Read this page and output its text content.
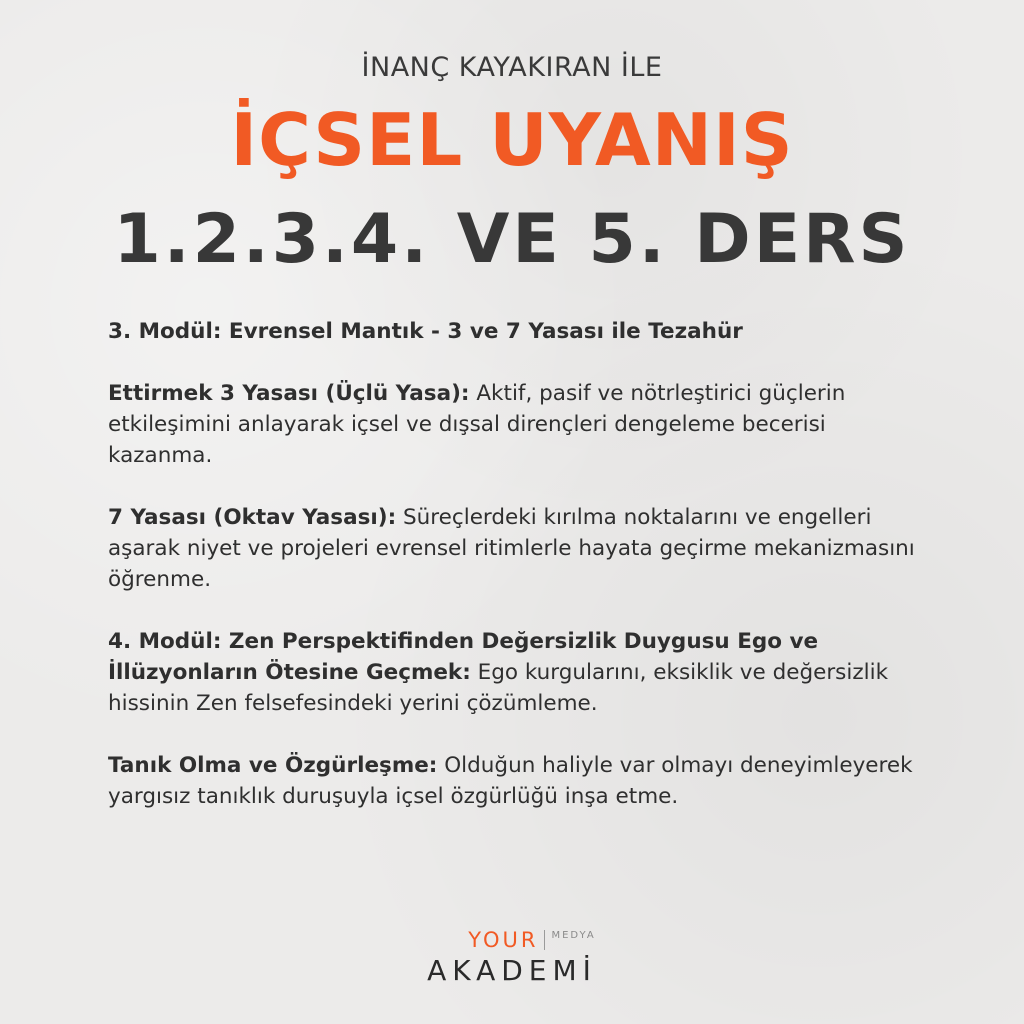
İNANÇ KAYAKIRAN İLE
İÇSEL UYANIŞ
1.2.3.4. VE 5. DERS

3. Modül: Evrensel Mantık - 3 ve 7 Yasası ile Tezahür

Ettirmek 3 Yasası (Üçlü Yasa): Aktif, pasif ve nötrleştirici güçlerin etkileşimini anlayarak içsel ve dışsal dirençleri dengeleme becerisi kazanma.

7 Yasası (Oktav Yasası): Süreçlerdeki kırılma noktalarını ve engelleri aşarak niyet ve projeleri evrensel ritimlerle hayata geçirme mekanizmasını öğrenme.

4. Modül: Zen Perspektifinden Değersizlik Duygusu Ego ve İllüzyonların Ötesine Geçmek: Ego kurgularını, eksiklik ve değersizlik hissinin Zen felsefesindeki yerini çözümleme.

Tanık Olma ve Özgürleşme: Olduğun haliyle var olmayı deneyimleyerek yargısız tanıklık duruşuyla içsel özgürlüğü inşa etme.

YOUR MEDYA
AKADEMİ
